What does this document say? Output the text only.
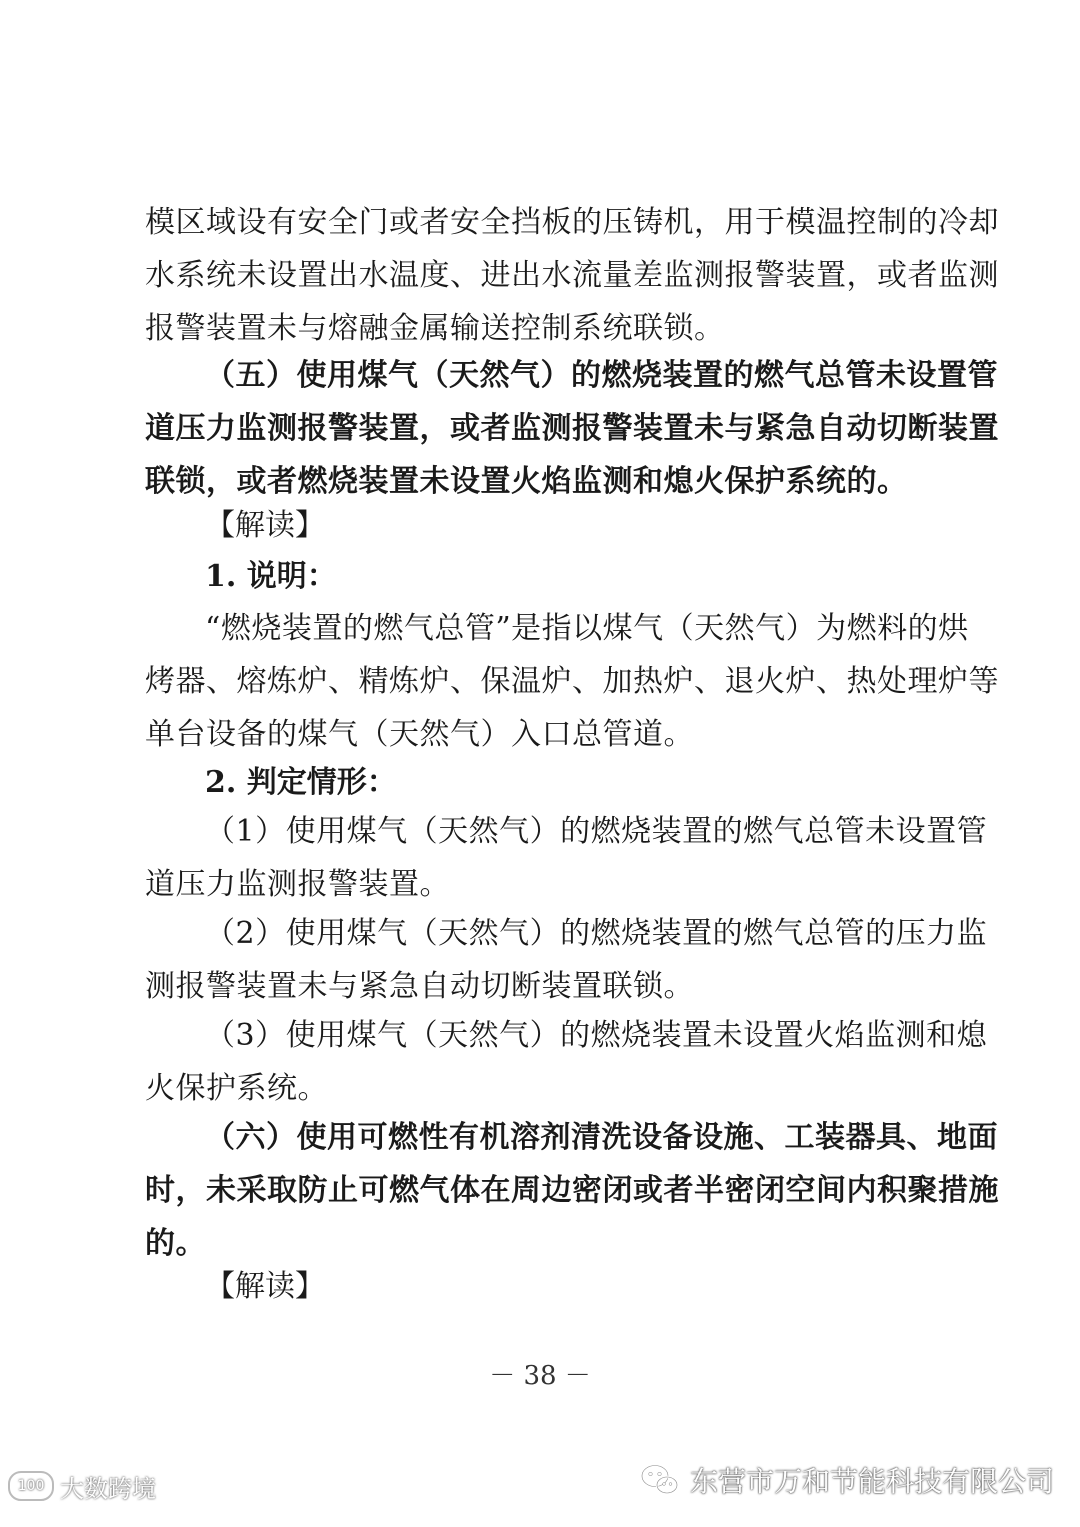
模区域设有安全门或者安全挡板的压铸机，用于模温控制的冷却
水系统未设置出水温度、进出水流量差监测报警装置，或者监测
报警装置未与熔融金属输送控制系统联锁。
（五）使用煤气（天然气）的燃烧装置的燃气总管未设置管
道压力监测报警装置，或者监测报警装置未与紧急自动切断装置
联锁，或者燃烧装置未设置火焰监测和熄火保护系统的。
【解读】
1. 说明：
“燃烧装置的燃气总管”是指以煤气（天然气）为燃料的烘
烤器、熔炼炉、精炼炉、保温炉、加热炉、退火炉、热处理炉等
单台设备的煤气（天然气）入口总管道。
2. 判定情形：
（1）使用煤气（天然气）的燃烧装置的燃气总管未设置管
道压力监测报警装置。
（2）使用煤气（天然气）的燃烧装置的燃气总管的压力监
测报警装置未与紧急自动切断装置联锁。
（3）使用煤气（天然气）的燃烧装置未设置火焰监测和熄
火保护系统。
（六）使用可燃性有机溶剂清洗设备设施、工装器具、地面
时，未采取防止可燃气体在周边密闭或者半密闭空间内积聚措施
的。
【解读】
－ 38 －
100 大数跨境	东营市万和节能科技有限公司
